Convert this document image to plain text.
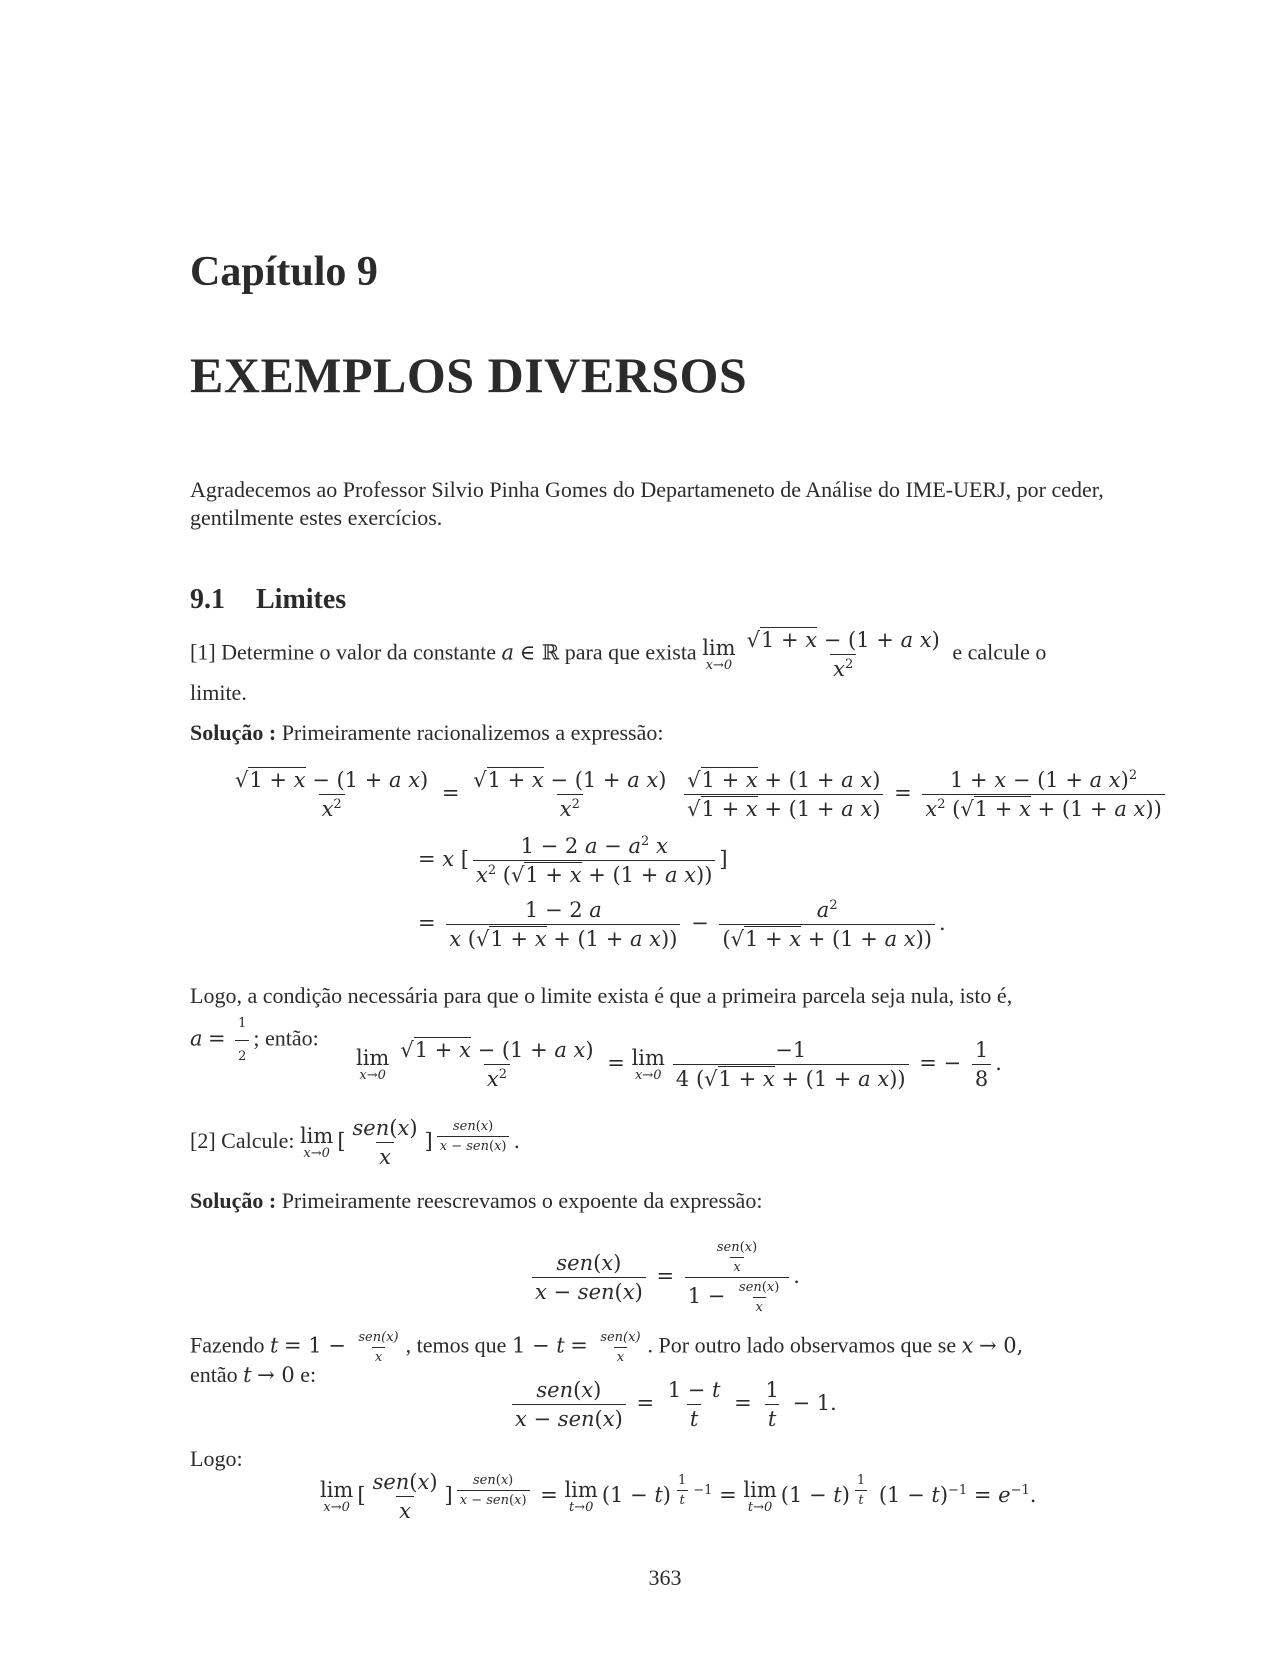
Capítulo 9
EXEMPLOS DIVERSOS
Agradecemos ao Professor Silvio Pinha Gomes do Departameneto de Análise do IME-UERJ, por ceder, gentilmente estes exercícios.
9.1 Limites
[1] Determine o valor da constante a ∈ ℝ para que exista lim
$x\to 0 \frac{\text{√1 + x − (1 + a x)}}{x^2}$ e calcule o
limite.
Solução : Primeiramente racionalizemos a expressão:
$\frac{\text{√1 + x − (1 + a x)}}{x^2} = \frac{\text{√1 + x − (1 + a x)}}{x^2}$
$\frac{\text{√1 + x + (1 + a x)}}{\text{√1 + x + (1 + a x)}} = \frac{1 + x - (1 + a x)^2}{x^2 (√1 + x + (1 + a x))}$
= x [ $\frac{1 - 2 a - a^2 x}{x^2 (√1 + x + (1 + a x))}$ ]
= $\frac{1 - 2 a}{\text{x (√1 + x + (1 + a x))}} - \frac{a^2}{\text{(√1 + x + (1 + a x))}}$ .
Logo, a condição necessária para que o limite exista é que a primeira parcela seja nula, isto é,
$a = \frac{1}{2}$ ; então:
lim
$x\to 0 \frac{\text{√1 + x − (1 + a x)}}{x^2} = \lim$
$x\to 0 \frac{-1}{\text{4 (√1 + x + (1 + a x))}}$ = − $\frac{1}{8}$ .
[2] Calcule: lim
x→0
[ $\frac{\text{sen(x)}}{x}$ ] $^{\frac{\text{sen(x)}}{\text{x − sen(x)}}}$ .
Solução : Primeiramente reescrevamos o expoente da expressão:
$\frac{\text{sen(x)}}{\text{x − sen(x)}} = \frac{\frac{\text{sen(x)}}{x}}{1 - \frac{\text{sen(x)}}{x}}$ .
Fazendo $t = 1 - \frac{\text{sen(x)}}{x}$ , temos que $1 - t = \frac{\text{sen(x)}}{x}$ . Por outro lado observamos que se x → 0,
então t → 0 e:
$\frac{\text{sen(x)}}{\text{x − sen(x)}} = \frac{1 - t}{t} = \frac{1}{t} - 1$.
Logo:
lim
x→0
[ $\frac{\text{sen(x)}}{x}$ ] $^{\frac{\text{sen(x)}}{\text{x − sen(x)}}}$ = lim
t→0
(1 − t) $^{\frac{1}{t} -1}$ = lim
t→0
(1 − t) $^{\frac{1}{t}}$ $(1 - t)^{-1} = e^{-1}$.
363
